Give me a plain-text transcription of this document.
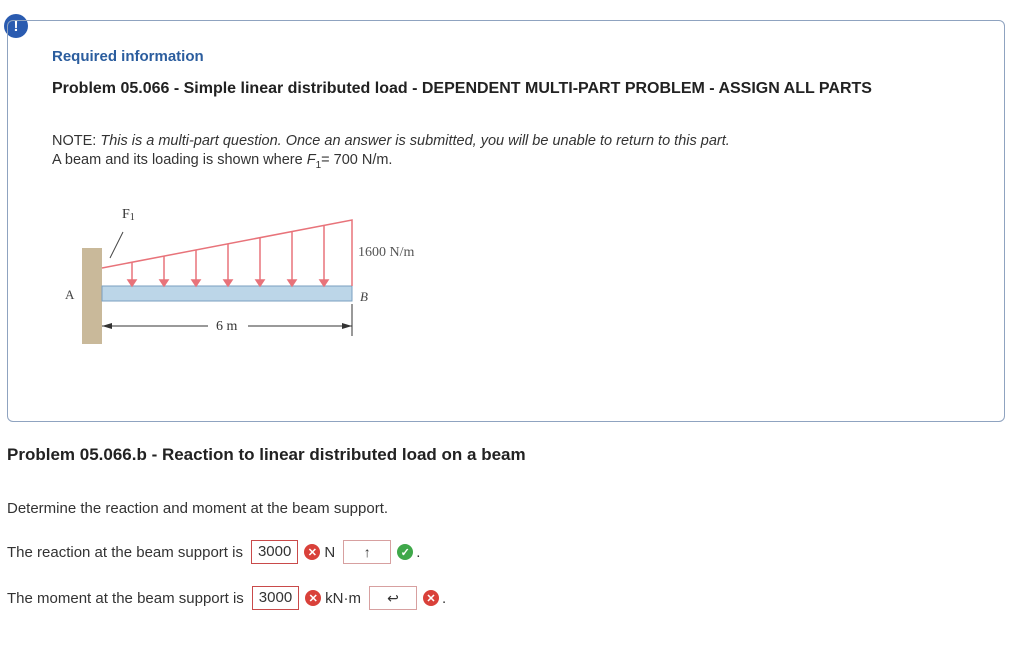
!
Required information
Problem 05.066 - Simple linear distributed load - DEPENDENT MULTI-PART PROBLEM - ASSIGN ALL PARTS
NOTE: This is a multi-part question. Once an answer is submitted, you will be unable to return to this part.
A beam and its loading is shown where $F_1= 700$ N/m.
F1
1600 N/m
A	B
6 m
Problem 05.066.b - Reaction to linear distributed load on a beam
Determine the reaction and moment at the beam support.
The reaction at the beam support is	3000	✕ N	↑	✓ .
The moment at the beam support is	3000	✕ kN·m	↩	✕ .
